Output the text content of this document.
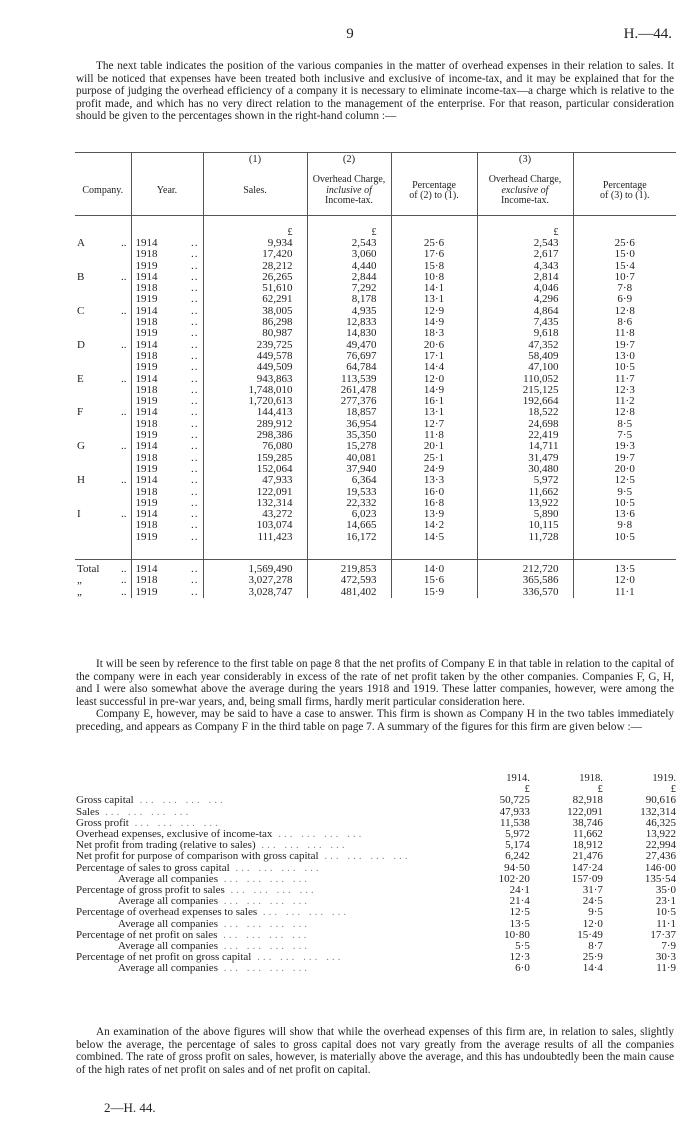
9	H.—44.

The next table indicates the position of the various companies in the matter of overhead expenses in their relation to sales. It will be noticed that expenses have been treated both inclusive and exclusive of income-tax, and it may be explained that for the purpose of judging the overhead efficiency of a company it is necessary to eliminate income-tax—a charge which is relative to the profit made, and which has no very direct relation to the management of the enterprise. For that reason, particular consideration should be given to the percentages shown in the right-hand column :—

		(1)	(2)		(3)	
Company.	Year.	Sales.	Overhead Charge,
inclusive of
Income-tax.	Percentage
of (2) to (1).	Overhead Charge,
exclusive of
Income-tax.	Percentage
of (3) to (1).
		£	£		£	
A ..	1914 ..	9,934	2,543	25·6	2,543	25·6
	1918 ..	17,420	3,060	17·6	2,617	15·0
	1919 ..	28,212	4,440	15·8	4,343	15·4
B ..	1914 ..	26,265	2,844	10·8	2,814	10·7
	1918 ..	51,610	7,292	14·1	4,046	7·8
	1919 ..	62,291	8,178	13·1	4,296	6·9
C ..	1914 ..	38,005	4,935	12·9	4,864	12·8
	1918 ..	86,298	12,833	14·9	7,435	8·6
	1919 ..	80,987	14,830	18·3	9,618	11·8
D ..	1914 ..	239,725	49,470	20·6	47,352	19·7
	1918 ..	449,578	76,697	17·1	58,409	13·0
	1919 ..	449,509	64,784	14·4	47,100	10·5
E ..	1914 ..	943,863	113,539	12·0	110,052	11·7
	1918 ..	1,748,010	261,478	14·9	215,125	12·3
	1919 ..	1,720,613	277,376	16·1	192,664	11·2
F ..	1914 ..	144,413	18,857	13·1	18,522	12·8
	1918 ..	289,912	36,954	12·7	24,698	8·5
	1919 ..	298,386	35,350	11·8	22,419	7·5
G ..	1914 ..	76,080	15,278	20·1	14,711	19·3
	1918 ..	159,285	40,081	25·1	31,479	19·7
	1919 ..	152,064	37,940	24·9	30,480	20·0
H ..	1914 ..	47,933	6,364	13·3	5,972	12·5
	1918 ..	122,091	19,533	16·0	11,662	9·5
	1919 ..	132,314	22,332	16·8	13,922	10·5
I ..	1914 ..	43,272	6,023	13·9	5,890	13·6
	1918 ..	103,074	14,665	14·2	10,115	9·8
	1919 ..	111,423	16,172	14·5	11,728	10·5

Total ..	1914 ..	1,569,490	219,853	14·0	212,720	13·5
„ ..	1918 ..	3,027,278	472,593	15·6	365,586	12·0
„ ..	1919 ..	3,028,747	481,402	15·9	336,570	11·1

It will be seen by reference to the first table on page 8 that the net profits of Company E in that table in relation to the capital of the company were in each year considerably in excess of the rate of net profit taken by the other companies. Companies F, G, H, and I were also somewhat above the average during the years 1918 and 1919. These latter companies, however, were among the least successful in pre-war years, and, being small firms, hardly merit particular consideration here.

Company E, however, may be said to have a case to answer. This firm is shown as Company H in the two tables immediately preceding, and appears as Company F in the third table on page 7. A summary of the figures for this firm are given below :—

	1914.	1918.	1919.
	£	£	£
Gross capital ... ... ... ...	50,725	82,918	90,616
Sales ... ... ... ...	47,933	122,091	132,314
Gross profit ... ... ... ...	11,538	38,746	46,325
Overhead expenses, exclusive of income-tax ... ... ... ...	5,972	11,662	13,922
Net profit from trading (relative to sales) ... ... ... ...	5,174	18,912	22,994
Net profit for purpose of comparison with gross capital ... ... ... ...	6,242	21,476	27,436
Percentage of sales to gross capital ... ... ... ...	94·50	147·24	146·00
Average all companies ... ... ... ...	102·20	157·09	135·54
Percentage of gross profit to sales ... ... ... ...	24·1	31·7	35·0
Average all companies ... ... ... ...	21·4	24·5	23·1
Percentage of overhead expenses to sales ... ... ... ...	12·5	9·5	10·5
Average all companies ... ... ... ...	13·5	12·0	11·1
Percentage of net profit on sales ... ... ... ...	10·80	15·49	17·37
Average all companies ... ... ... ...	5·5	8·7	7·9
Percentage of net profit on gross capital ... ... ... ...	12·3	25·9	30·3
Average all companies ... ... ... ...	6·0	14·4	11·9

An examination of the above figures will show that while the overhead expenses of this firm are, in relation to sales, slightly below the average, the percentage of sales to gross capital does not vary greatly from the average results of all the companies combined. The rate of gross profit on sales, however, is materially above the average, and this has undoubtedly been the main cause of the high rates of net profit on sales and of net profit on capital.

2—H. 44.
